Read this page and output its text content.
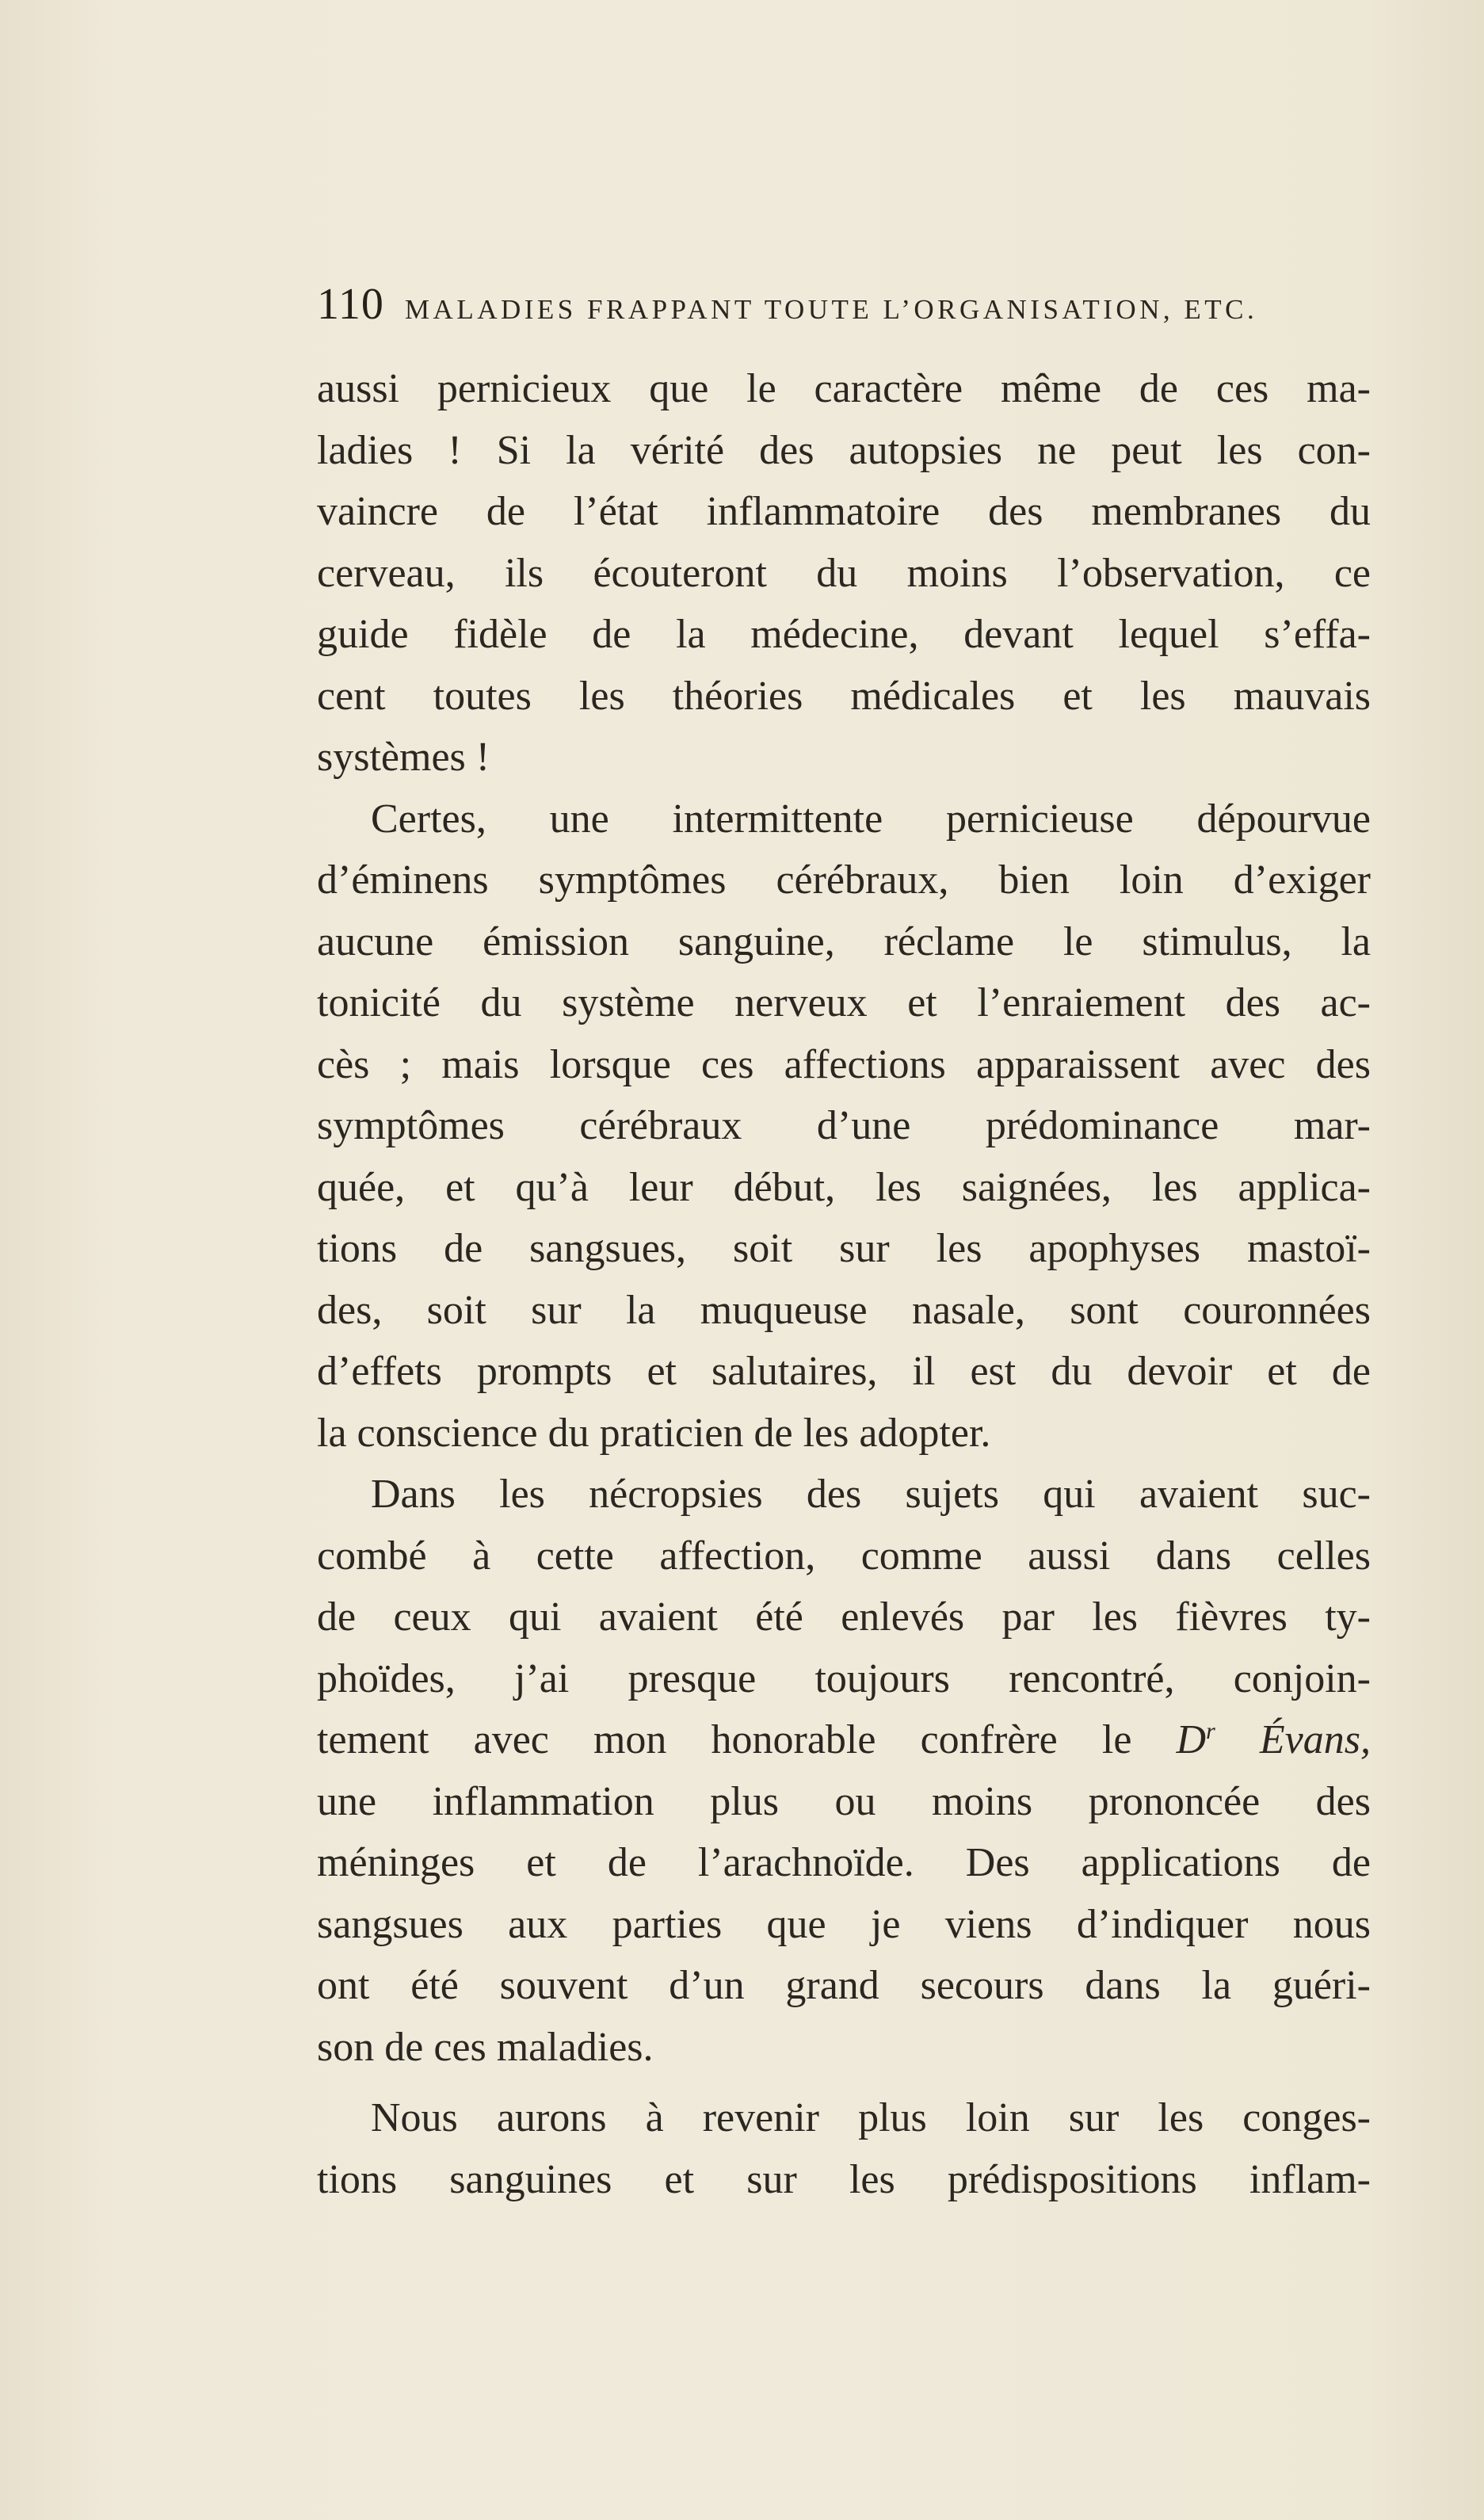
110 MALADIES FRAPPANT TOUTE L’ORGANISATION, ETC.
aussi pernicieux que le caractère même de ces ma-
ladies ! Si la vérité des autopsies ne peut les con-
vaincre de l’état inflammatoire des membranes du
cerveau, ils écouteront du moins l’observation, ce
guide fidèle de la médecine, devant lequel s’effa-
cent toutes les théories médicales et les mauvais
systèmes !
Certes, une intermittente pernicieuse dépourvue
d’éminens symptômes cérébraux, bien loin d’exiger
aucune émission sanguine, réclame le stimulus, la
tonicité du système nerveux et l’enraiement des ac-
cès ; mais lorsque ces affections apparaissent avec des
symptômes cérébraux d’une prédominance mar-
quée, et qu’à leur début, les saignées, les applica-
tions de sangsues, soit sur les apophyses mastoï-
des, soit sur la muqueuse nasale, sont couronnées
d’effets prompts et salutaires, il est du devoir et de
la conscience du praticien de les adopter.
Dans les nécropsies des sujets qui avaient suc-
combé à cette affection, comme aussi dans celles
de ceux qui avaient été enlevés par les fièvres ty-
phoïdes, j’ai presque toujours rencontré, conjoin-
tement avec mon honorable confrère le $D^r$ Évans,
une inflammation plus ou moins prononcée des
méninges et de l’arachnoïde. Des applications de
sangsues aux parties que je viens d’indiquer nous
ont été souvent d’un grand secours dans la guéri-
son de ces maladies.
Nous aurons à revenir plus loin sur les conges-
tions sanguines et sur les prédispositions inflam-
